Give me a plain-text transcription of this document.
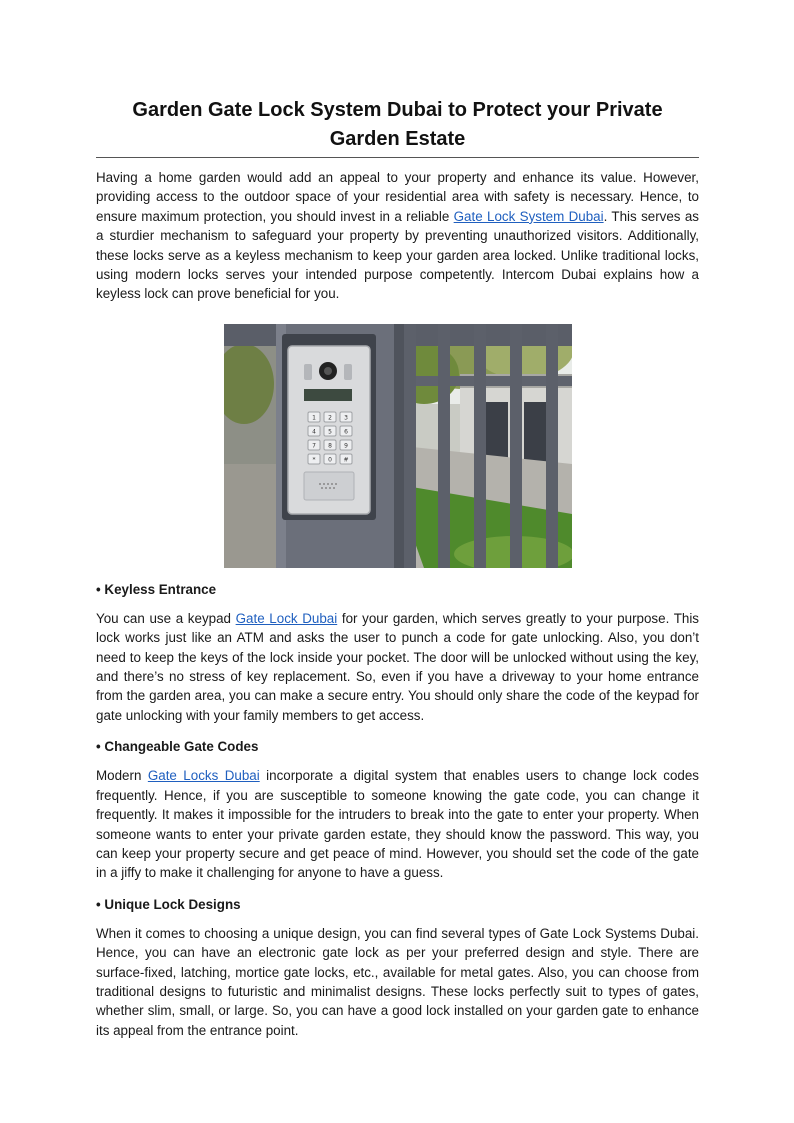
Garden Gate Lock System Dubai to Protect your Private Garden Estate

Having a home garden would add an appeal to your property and enhance its value. However, providing access to the outdoor space of your residential area with safety is necessary. Hence, to ensure maximum protection, you should invest in a reliable Gate Lock System Dubai. This serves as a sturdier mechanism to safeguard your property by preventing unauthorized visitors. Additionally, these locks serve as a keyless mechanism to keep your garden area locked. Unlike traditional locks, using modern locks serves your intended purpose competently. Intercom Dubai explains how a keyless lock can prove beneficial for you.

1 2 3
4 5 6
7 8 9
* 0 #
• Keyless Entrance

You can use a keypad Gate Lock Dubai for your garden, which serves greatly to your purpose. This lock works just like an ATM and asks the user to punch a code for gate unlocking. Also, you don’t need to keep the keys of the lock inside your pocket. The door will be unlocked without using the key, and there’s no stress of key replacement. So, even if you have a driveway to your home entrance from the garden area, you can make a secure entry. You should only share the code of the keypad for gate unlocking with your family members to get access.

• Changeable Gate Codes

Modern Gate Locks Dubai incorporate a digital system that enables users to change lock codes frequently. Hence, if you are susceptible to someone knowing the gate code, you can change it frequently. It makes it impossible for the intruders to break into the gate to enter your property. When someone wants to enter your private garden estate, they should know the password. This way, you can keep your property secure and get peace of mind. However, you should set the code of the gate in a jiffy to make it challenging for anyone to have a guess.

• Unique Lock Designs

When it comes to choosing a unique design, you can find several types of Gate Lock Systems Dubai. Hence, you can have an electronic gate lock as per your preferred design and style. There are surface-fixed, latching, mortice gate locks, etc., available for metal gates. Also, you can choose from traditional designs to futuristic and minimalist designs. These locks perfectly suit to types of gates, whether slim, small, or large. So, you can have a good lock installed on your garden gate to enhance its appeal from the entrance point.
